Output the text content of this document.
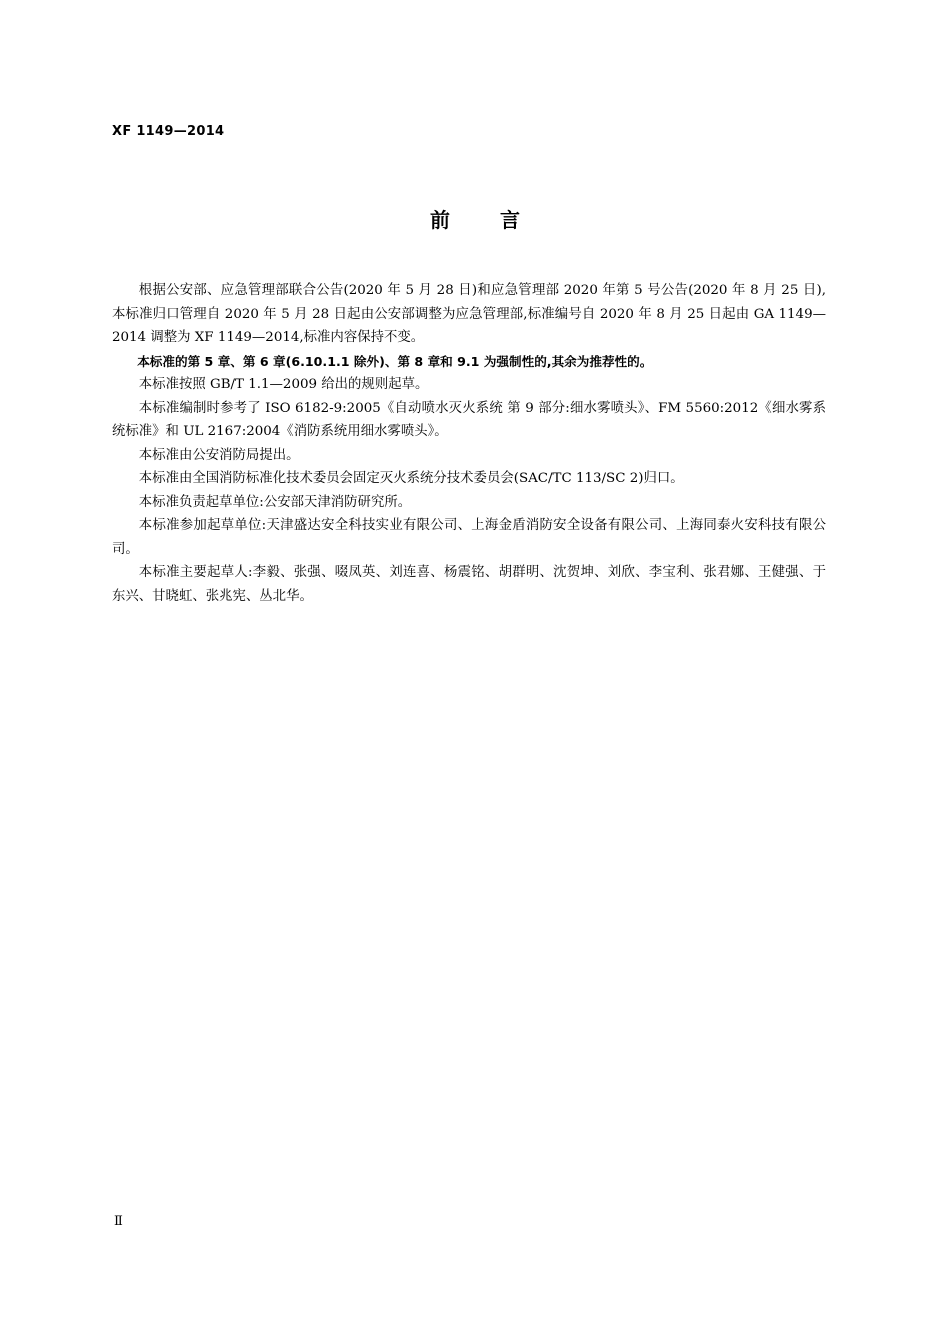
XF 1149—2014
前言

根据公安部、应急管理部联合公告(2020 年 5 月 28 日)和应急管理部 2020 年第 5 号公告(2020 年 8 月 25 日),本标准归口管理自 2020 年 5 月 28 日起由公安部调整为应急管理部,标准编号自 2020 年 8 月 25 日起由 GA 1149—2014 调整为 XF 1149—2014,标准内容保持不变。

本标准的第 5 章、第 6 章(6.10.1.1 除外)、第 8 章和 9.1 为强制性的,其余为推荐性的。

本标准按照 GB/T 1.1—2009 给出的规则起草。

本标准编制时参考了 ISO 6182-9:2005《自动喷水灭火系统 第 9 部分:细水雾喷头》、FM 5560:2012《细水雾系统标准》和 UL 2167:2004《消防系统用细水雾喷头》。

本标准由公安消防局提出。

本标准由全国消防标准化技术委员会固定灭火系统分技术委员会(SAC/TC 113/SC 2)归口。

本标准负责起草单位:公安部天津消防研究所。

本标准参加起草单位:天津盛达安全科技实业有限公司、上海金盾消防安全设备有限公司、上海同泰火安科技有限公司。

本标准主要起草人:李毅、张强、啜凤英、刘连喜、杨震铭、胡群明、沈贺坤、刘欣、李宝利、张君娜、王健强、于东兴、甘晓虹、张兆宪、丛北华。

Ⅱ
